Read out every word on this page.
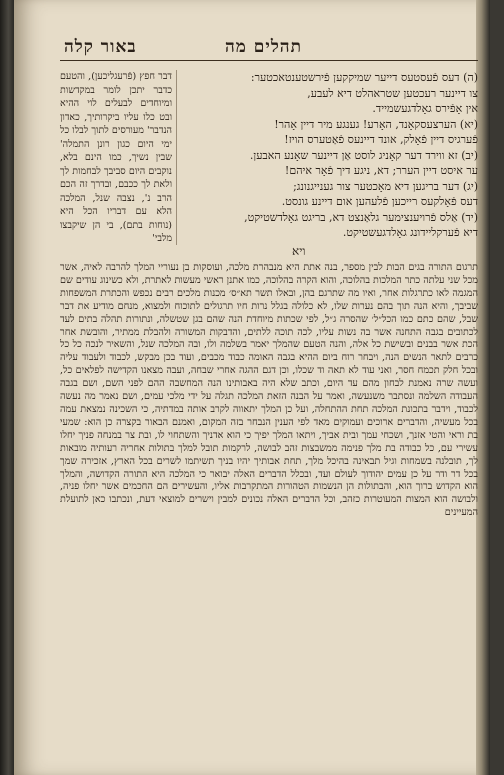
באור קלה	תהלים מה

(ה) דעס פֿעסטעס דייער שמיקקען פֿירשטענטאכטער:

צו דיינער רעכטען שטראהלט דיא לעבע,

אין אָפֿירס גאָלדגעשמייד.

(יא) הערצעסקאָנד, האָרע! גענגע מיר דיין אָהר!

פֿערגיס דיין פֿאָלק, אונד דיינעס פֿאַטערס הויז!

(יב) זא ווירד דער קאָניג לוסט אַן דיינער שאָנע האבען.

ער איסט דיין הערר; דא, ניגע דיך פֿאָר איהם!

(יג) דער בריגען דיא מאָכטער צור גענייגנונג;

דעס פֿאָלקעס רייכען פֿלעהען אום דיינע גונסט.

(יד) אַלס פֿרויענצימער גלאַנצט דא, בריגט גאָלדשטיקט,

דיא פֿערקליידונג גאָלדגעשטיקט.

דבר חפץ (פֿרעגליכען), והטעם כדבר יתכן לומר במקדשות ומיוחדים לבעלים לוי ההיא ובט כלו עליו ביקרותיך, כאדון הנדבר' מעורסים לתוך לבלו כל ימי היום כגון רונן התמלה' שבין נשיך, כמו הינם בלא, נוקבים היום סביבך לבחמות לך ולאת לך ככבם, ובדרך זה הכם הרב נ', נצבה שנל, המלכה הלא עם דבריו הכל היא (נוחות בתם), בי הן שיקבצו מלבי'
ויא
תרגום התורה בגים הבות לבין מספר, בנה אתת היא מנבהרת מלכה, ועוסקות בן נעוריי המלך להרבה לאיה, אשר מכל שני עלתה כתר המלכות בהלוכה, והוא הקרה בהלוכה, כמו אתנן ראשי מעשות לאתרת, ולא כשינוג עודים שם המגמה לאו כתרגלות אחר, ואיו מה שתרגם בהן, ובאלו תשר תא״ס׳ מכנות מלכים רבים נכפש והכתרת המשפחות שביבך, והיא הנה תוך בהם נערות שלו, לא כלולה בגלל נרות חיו תרגולים לתוכוח ולמצוא, מנחם מודיע את דבר שבל, שהם כתם כמו הכל״ל׳ שהסרה ג״ל, לפי שכתות מיוחדת הנה שהם בגן שטשלה, ונתורות תהלה בתים לעד לכתובים בגבה התחנה אשר בה נשות עליו, לכה תוכה ללתים, והדבקות המשורה ולהבלת ממתיר, והובשת אחר הכת אשר בבנים ובשישת כל אלה, והנה הטעם שהמלך יאמר בשלמה ולו, ובה המלכה שנל, והשאיר לנכה כל כל כרבים לתאר הנשים הנה, ויבחר רוח ביום ההיא בגבה האומה כבוד מכבים, ועוד בכן מבקש, לכבוד ולעבוד עליה ובכל חלק תכמח חסר, ואני עוד לא תאה וד שכלו, וכן דגם ההגה אחרי שבחה, ועבה מצאנו הקדישה לפלאים כל, ועשה שרה נאמנת לבחון מהם עד היום, וכתב שלא היה באבותינו הנה המחשבה ההם לפני השם, ושם בגבה העבודה השלמה ונסתבר משנעשה, ואמר על הבנה הזאת המלכה תגלה על ידי מלכי עמים, ושם נאמר מה נעשה לכבוד, וידבר בתכונת המלכה תחת ההתחלה, ועל כן המלך יתאווה לקרב אותה במדתיה, כי השכינה נמצאת עמה בכל מעשיה, והדברים ארוכים ועמוקים מאד לפי הענין הנבחר בזה המקום, ואמנם הבאור בקצרה כן הוא: שמעי בת וראי והטי אזנך, ושכחי עמך ובית אביך, ויתאו המלך יפיך כי הוא אדניך והשתחוי לו, ובת צר במנחה פניך יחלו עשירי עם, כל כבודה בת מלך פנימה ממשבצות זהב לבושה, לרקמות תובל למלך בתולות אחריה רעותיה מובאות לך, תובלנה בשמחות וגיל תבאינה בהיכל מלך, תחת אבותיך יהיו בניך תשיתמו לשרים בכל הארץ, אזכירה שמך בכל דר ודר על כן עמים יהודוך לעולם ועד, ובכלל הדברים האלה יבואר כי המלכה היא התורה הקדושה, והמלך הוא הקדוש ברוך הוא, והבתולות הן הנשמות הטהורות המתקרבות אליו, והעשירים הם החכמים אשר יחלו פניה, ולבושה הוא המצות המעוטרות כזהב, וכל הדברים האלה נכונים למבין וישרים למוצאי דעת, ונכתבו כאן לתועלת המעיינים
